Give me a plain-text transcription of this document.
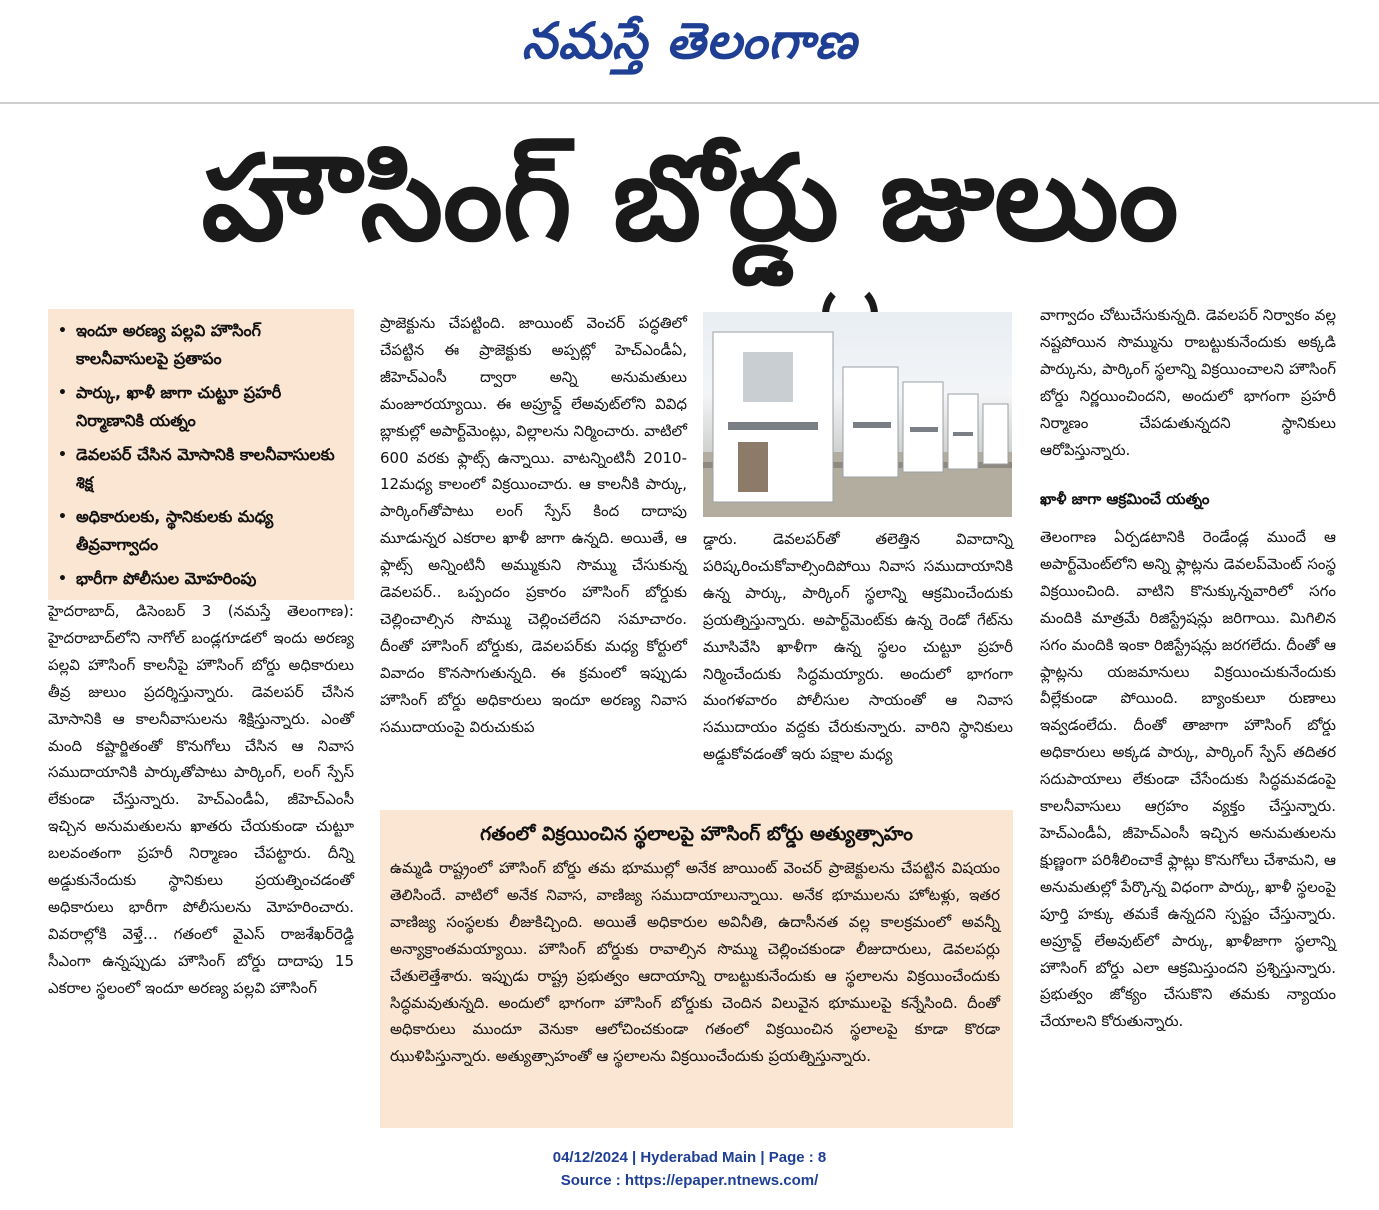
నమస్తే తెలంగాణ
హౌసింగ్ బోర్డు జులుం
• ఇందూ అరణ్య పల్లవి హౌసింగ్ కాలనీవాసులపై ప్రతాపం
• పార్కు, ఖాళీ జాగా చుట్టూ ప్రహరీ నిర్మాణానికి యత్నం
• డెవలపర్ చేసిన మోసానికి కాలనీవాసులకు శిక్ష
• అధికారులకు, స్థానికులకు మధ్య తీవ్రవాగ్వాదం
• భారీగా పోలీసుల మోహరింపు

హైదరాబాద్, డిసెంబర్ 3 (నమస్తే తెలంగాణ): హైదరాబాద్‌లోని నాగోల్ బండ్లగూడలో ఇందు అరణ్య పల్లవి హౌసింగ్ కాలనీపై హౌసింగ్ బోర్డు అధికారులు తీవ్ర జులుం ప్రదర్శిస్తున్నారు. డెవలపర్ చేసిన మోసానికి ఆ కాలనీవాసులను శిక్షిస్తున్నారు. ఎంతో మంది కష్టార్జితంతో కొనుగోలు చేసిన ఆ నివాస సముదాయానికి పార్కుతోపాటు పార్కింగ్, లంగ్ స్పేస్ లేకుండా చేస్తున్నారు. హెచ్ఎండీఏ, జీహెచ్ఎంసీ ఇచ్చిన అనుమతులను ఖాతరు చేయకుండా చుట్టూ బలవంతంగా ప్రహరీ నిర్మాణం చేపట్టారు. దీన్ని అడ్డుకునేందుకు స్థానికులు ప్రయత్నించడంతో అధికారులు భారీగా పోలీసులను మోహరించారు. వివరాల్లోకి వెళ్తే… గతంలో వైఎస్ రాజశేఖర్‌రెడ్డి సీఎంగా ఉన్నప్పుడు హౌసింగ్ బోర్డు దాదాపు 15 ఎకరాల స్థలంలో ఇందూ అరణ్య పల్లవి హౌసింగ్

ప్రాజెక్టును చేపట్టింది. జాయింట్ వెంచర్ పద్ధతిలో చేపట్టిన ఈ ప్రాజెక్టుకు అప్పట్లో హెచ్ఎండీఏ, జీహెచ్ఎంసీ ద్వారా అన్ని అనుమతులు మంజూరయ్యాయి. ఈ అప్రూవ్డ్ లేఅవుట్‌లోని వివిధ బ్లాకుల్లో అపార్ట్‌మెంట్లు, విల్లాలను నిర్మించారు. వాటిలో 600 వరకు ఫ్లాట్స్ ఉన్నాయి. వాటన్నింటినీ 2010-12మధ్య కాలంలో విక్రయించారు. ఆ కాలనీకి పార్కు, పార్కింగ్‌తోపాటు లంగ్ స్పేస్ కింద దాదాపు మూడున్నర ఎకరాల ఖాళీ జాగా ఉన్నది. అయితే, ఆ ఫ్లాట్స్ అన్నింటినీ అమ్ముకుని సొమ్ము చేసుకున్న డెవలపర్.. ఒప్పందం ప్రకారం హౌసింగ్ బోర్డుకు చెల్లించాల్సిన సొమ్ము చెల్లించలేదని సమాచారం. దీంతో హౌసింగ్ బోర్డుకు, డెవలపర్‌కు మధ్య కోర్టులో వివాదం కొనసాగుతున్నది. ఈ క్రమంలో ఇప్పుడు హౌసింగ్ బోర్డు అధికారులు ఇందూ అరణ్య నివాస సముదాయంపై విరుచుకుప

డ్డారు. డెవలపర్‌తో తలెత్తిన వివాదాన్ని పరిష్కరించుకోవాల్సిందిపోయి నివాస సముదాయానికి ఉన్న పార్కు, పార్కింగ్ స్థలాన్ని ఆక్రమించేందుకు ప్రయత్నిస్తున్నారు. అపార్ట్‌మెంట్‌కు ఉన్న రెండో గేట్‌ను మూసివేసి ఖాళీగా ఉన్న స్థలం చుట్టూ ప్రహరీ నిర్మించేందుకు సిద్ధమయ్యారు. అందులో భాగంగా మంగళవారం పోలీసుల సాయంతో ఆ నివాస సముదాయం వద్దకు చేరుకున్నారు. వారిని స్థానికులు అడ్డుకోవడంతో ఇరు పక్షాల మధ్య

వాగ్వాదం చోటుచేసుకున్నది. డెవలపర్ నిర్వాకం వల్ల నష్టపోయిన సొమ్మును రాబట్టుకునేందుకు అక్కడి పార్కును, పార్కింగ్ స్థలాన్ని విక్రయించాలని హౌసింగ్ బోర్డు నిర్ణయించిందని, అందులో భాగంగా ప్రహరీ నిర్మాణం చేపడుతున్నదని స్థానికులు ఆరోపిస్తున్నారు.

ఖాళీ జాగా ఆక్రమించే యత్నం

తెలంగాణ ఏర్పడటానికి రెండేండ్ల ముందే ఆ అపార్ట్‌మెంట్‌లోని అన్ని ఫ్లాట్లను డెవలప్‌మెంట్ సంస్థ విక్రయించింది. వాటిని కొనుక్కున్నవారిలో సగం మందికి మాత్రమే రిజిస్ట్రేషన్లు జరిగాయి. మిగిలిన సగం మందికి ఇంకా రిజిస్ట్రేషన్లు జరగలేదు. దీంతో ఆ ఫ్లాట్లను యజమానులు విక్రయించుకునేందుకు వీల్లేకుండా పోయింది. బ్యాంకులూ రుణాలు ఇవ్వడంలేదు. దీంతో తాజాగా హౌసింగ్ బోర్డు అధికారులు అక్కడ పార్కు, పార్కింగ్ స్పేస్ తదితర సదుపాయాలు లేకుండా చేసేందుకు సిద్ధమవడంపై కాలనీవాసులు ఆగ్రహం వ్యక్తం చేస్తున్నారు. హెచ్ఎండీఏ, జీహెచ్ఎంసీ ఇచ్చిన అనుమతులను క్షుణ్ణంగా పరిశీలించాకే ఫ్లాట్లు కొనుగోలు చేశామని, ఆ అనుమతుల్లో పేర్కొన్న విధంగా పార్కు, ఖాళీ స్థలంపై పూర్తి హక్కు తమకే ఉన్నదని స్పష్టం చేస్తున్నారు. అప్రూవ్డ్ లేఅవుట్‌లో పార్కు, ఖాళీజాగా స్థలాన్ని హౌసింగ్ బోర్డు ఎలా ఆక్రమిస్తుందని ప్రశ్నిస్తున్నారు. ప్రభుత్వం జోక్యం చేసుకొని తమకు న్యాయం చేయాలని కోరుతున్నారు.

గతంలో విక్రయించిన స్థలాలపై హౌసింగ్ బోర్డు అత్యుత్సాహం
ఉమ్మడి రాష్ట్రంలో హౌసింగ్ బోర్డు తమ భూముల్లో అనేక జాయింట్ వెంచర్ ప్రాజెక్టులను చేపట్టిన విషయం తెలిసిందే. వాటిలో అనేక నివాస, వాణిజ్య సముదాయాలున్నాయి. అనేక భూములను హోటళ్లు, ఇతర వాణిజ్య సంస్థలకు లీజుకిచ్చింది. అయితే అధికారుల అవినీతి, ఉదాసీనత వల్ల కాలక్రమంలో అవన్నీ అన్యాక్రాంతమయ్యాయి. హౌసింగ్ బోర్డుకు రావాల్సిన సొమ్ము చెల్లించకుండా లీజుదారులు, డెవలపర్లు చేతులెత్తేశారు. ఇప్పుడు రాష్ట్ర ప్రభుత్వం ఆదాయాన్ని రాబట్టుకునేందుకు ఆ స్థలాలను విక్రయించేందుకు సిద్ధమవుతున్నది. అందులో భాగంగా హౌసింగ్ బోర్డుకు చెందిన విలువైన భూములపై కన్నేసింది. దీంతో అధికారులు ముందూ వెనుకా ఆలోచించకుండా గతంలో విక్రయించిన స్థలాలపై కూడా కొరడా ఝుళిపిస్తున్నారు. అత్యుత్సాహంతో ఆ స్థలాలను విక్రయించేందుకు ప్రయత్నిస్తున్నారు.
04/12/2024 | Hyderabad Main | Page : 8
Source : https://epaper.ntnews.com/
